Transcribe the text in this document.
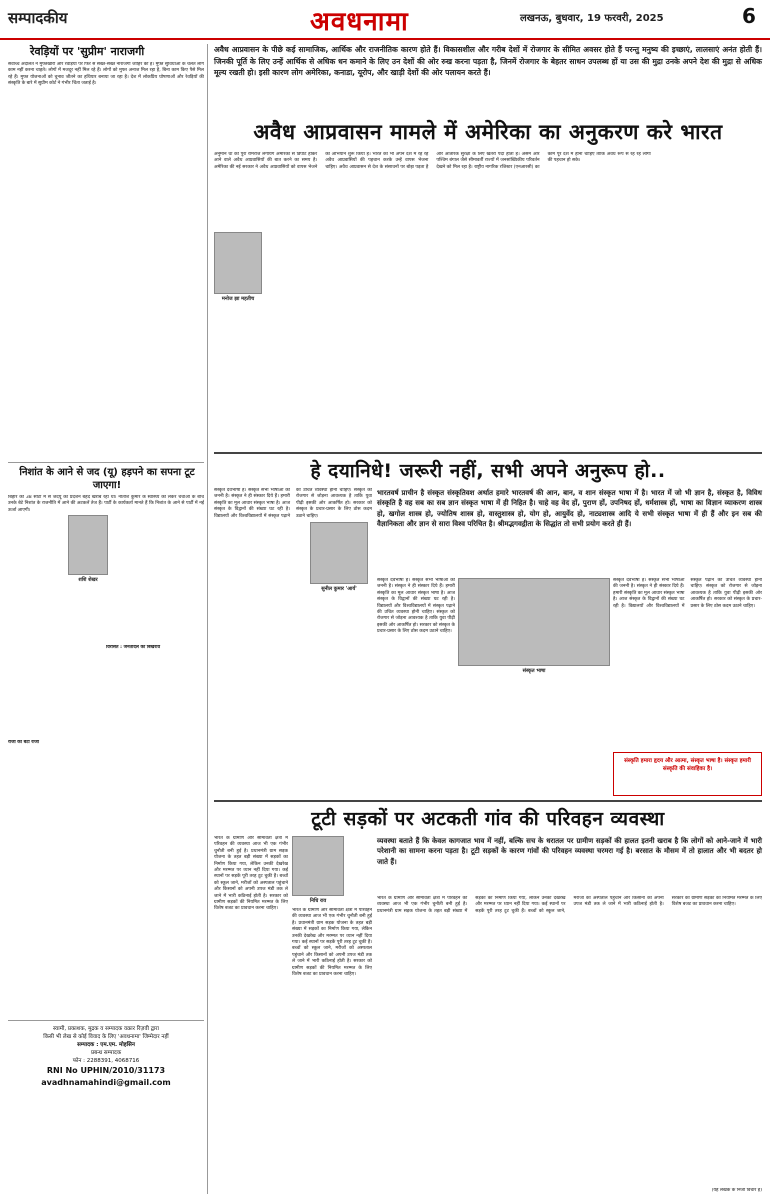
सम्पादकीय	अवधनामा	लखनऊ, बुधवार, 19 फरवरी, 2025	6
रेवड़ियों पर 'सुप्रीम' नाराजगी
सर्वोच्च अदालत ने मुफ्तखोरी और रेवड़ियों पर फिर से सख्त-सख्त नाराजगी जाहिर की है। मुफ्त सुविधाओं के चलते लोग काम नहीं करना चाहते। लोगों में मजदूर नहीं मिल रहे हैं। लोगों को मुफ्त अनाज मिल रहा है, बिना काम किए पैसे मिल रहे हैं। मुफ्त योजनाओं को चुनाव जीतने का हथियार बनाया जा रहा है। देश में लोकप्रिय घोषणाओं और रेवड़ियों की संस्कृति के बारे में सुप्रीम कोर्ट ने गंभीर चिंता जताई है।
निशांत के आने से जद (यू) हड़पने का सपना टूट जाएगा!
शशि शेखर
राजा का बेटा राजा
विरासत : जनतादल का बिखराव
बिहार की 38 सीटों में से जदयू का प्रदर्शन बेहद खराब रहा था। नीतीश कुमार के स्वास्थ्य को लेकर चर्चाओं के बीच उनके बेटे निशांत के राजनीति में आने की अटकलें तेज हैं। पार्टी के कार्यकर्ता मानते हैं कि निशांत के आने से पार्टी में नई ऊर्जा आएगी।
स्वामी, प्रकाशक, मुद्रक व सम्पादक वक़ार रिज़वी द्वारा
किसी भी लेख से कोई विवाद के लिए 'अवधनामा' जिम्मेदार नहीं
सम्पादक : एम.एम. मोहसिन
प्रबन्ध सम्पादक
फोन : 2288391, 4068716
RNI No UPHIN/2010/31173
avadhnamahindi@gmail.com
अवैध आप्रवासन के पीछे कई सामाजिक, आर्थिक और राजनीतिक कारण होते हैं। विकासशील और गरीब देशों में रोजगार के सीमित अवसर होते हैं परन्तु मनुष्य की इच्छाएं, लालसाएं अनंत होती हैं। जिनकी पूर्ति के लिए उन्हें आर्थिक से अधिक धन कमाने के लिए उन देशों की ओर रुख करना पड़ता है, जिनमें रोजगार के बेहतर साधन उपलब्ध हों या उस की मुद्रा उनके अपने देश की मुद्रा से अधिक मूल्य रखती हो। इसी कारण लोग अमेरिका, कनाडा, यूरोप, और खाड़ी देशों की ओर पलायन करते हैं।
अवैध आप्रवासन मामले में अमेरिका का अनुकरण करे भारत
मनोज झा महतीच
अनुमान था की पुरा रामराज लगायेंगे अमेरिका से डिपोर्ट होकर आने वाले अवैध आप्रवासियों की बात करने का समय है। अमेरिका की नई सरकार ने अवैध आप्रवासियों को वापस भेजने का अभियान शुरू किया है। भारत को भी अपने देश में रह रहे अवैध आप्रवासियों की पहचान करके उन्हें वापस भेजना चाहिए। अवैध आप्रवासन से देश के संसाधनों पर बोझ पड़ता है और आंतरिक सुरक्षा के लिए खतरा पैदा होता है। असम और पश्चिम बंगाल जैसे सीमावर्ती राज्यों में जनसांख्यिकीय परिवर्तन देखने को मिल रहा है। राष्ट्रीय नागरिक रजिस्टर (एनआरसी) का काम पूरे देश में होना चाहिए ताकि अवैध रूप से रह रहे लोगों की पहचान हो सके।
हे दयानिधे! जरूरी नहीं, सभी अपने अनुरूप हो..
भारतवर्ष प्राचीन है संस्कृत संस्कृतिवश अर्थात हमारे भारतवर्ष की आन, बान, व शान संस्कृत भाषा में है। भारत में जो भी ज्ञान है, संस्कृत है, विविध संस्कृति है वह सब का सब ज्ञान संस्कृत भाषा में ही निहित है। चाहे वह वेद हों, पुराण हों, उपनिषद हों, धर्मशास्त्र हों, भाषा का विज्ञान व्याकरण शास्त्र हो, खगोल शास्त्र हो, ज्योतिष शास्त्र हो, वास्तुशास्त्र हो, योग हो, आयुर्वेद हो, नाट्यशास्त्र आदि ये सभी संस्कृत भाषा में ही हैं और इन सब की वैज्ञानिकता और ज्ञान से सारा विश्व परिचित है। श्रीमद्भगवद्गीता के सिद्धांत तो सभी प्रयोग करते ही हैं।
सुनील कुमार 'आर्य'
संस्कृत देवभाषा है। संस्कृत सभी भाषाओं की जननी है। संस्कृत ने ही संस्कार दिये हैं। हमारी संस्कृति का मूल आधार संस्कृत भाषा है। आज संस्कृत के विद्वानों की संख्या घट रही है। विद्यालयों और विश्वविद्यालयों में संस्कृत पढ़ाने की उचित व्यवस्था होनी चाहिए। संस्कृत को रोजगार से जोड़ना आवश्यक है ताकि युवा पीढ़ी इसकी ओर आकर्षित हो। सरकार को संस्कृत के प्रचार-प्रसार के लिए ठोस कदम उठाने चाहिए।
संस्कृत भाषा
संस्कृत देवभाषा है। संस्कृत सभी भाषाओं की जननी है। संस्कृत ने ही संस्कार दिये हैं। हमारी संस्कृति का मूल आधार संस्कृत भाषा है। आज संस्कृत के विद्वानों की संख्या घट रही है। विद्यालयों और विश्वविद्यालयों में संस्कृत पढ़ाने की उचित व्यवस्था होनी चाहिए। संस्कृत को रोजगार से जोड़ना आवश्यक है ताकि युवा पीढ़ी इसकी ओर आकर्षित हो। सरकार को संस्कृत के प्रचार-प्रसार के लिए ठोस कदम उठाने चाहिए।
संस्कृत देवभाषा है। संस्कृत सभी भाषाओं की जननी है। संस्कृत ने ही संस्कार दिये हैं। हमारी संस्कृति का मूल आधार संस्कृत भाषा है। आज संस्कृत के विद्वानों की संख्या घट रही है। विद्यालयों और विश्वविद्यालयों में संस्कृत पढ़ाने की उचित व्यवस्था होनी चाहिए। संस्कृत को रोजगार से जोड़ना आवश्यक है ताकि युवा पीढ़ी इसकी ओर आकर्षित हो। सरकार को संस्कृत के प्रचार-प्रसार के लिए ठोस कदम उठाने चाहिए।
संस्कृति हमारा हृदय और आत्मा, संस्कृत भाषा है। संस्कृत हमारी संस्कृति की संवाहिका है।
टूटी सड़कों पर अटकती गांव की परिवहन व्यवस्था
निधि राव
व्यवस्था बताते हैं कि केवल कागजात भाव में नहीं, बल्कि सच के धरातल पर ग्रामीण सड़कों की हालत इतनी खराब है कि लोगों को आने-जाने में भारी परेशानी का सामना करना पड़ता है। टूटी सड़कों के कारण गांवों की परिवहन व्यवस्था चरमरा गई है। बरसात के मौसम में तो हालात और भी बदतर हो जाते हैं।
भारत के ग्रामीण और सीमावर्ती क्षेत्रों में परिवहन की व्यवस्था आज भी एक गंभीर चुनौती बनी हुई है। प्रधानमंत्री ग्राम सड़क योजना के तहत बड़ी संख्या में सड़कों का निर्माण किया गया, लेकिन उनकी देखरेख और मरम्मत पर ध्यान नहीं दिया गया। कई स्थानों पर सड़कें पूरी तरह टूट चुकी हैं। बच्चों को स्कूल जाने, मरीजों को अस्पताल पहुंचाने और किसानों को अपनी उपज मंडी तक ले जाने में भारी कठिनाई होती है। सरकार को ग्रामीण सड़कों की नियमित मरम्मत के लिए विशेष बजट का प्रावधान करना चाहिए।	भारत के ग्रामीण और सीमावर्ती क्षेत्रों में परिवहन की व्यवस्था आज भी एक गंभीर चुनौती बनी हुई है। प्रधानमंत्री ग्राम सड़क योजना के तहत बड़ी संख्या में सड़कों का निर्माण किया गया, लेकिन उनकी देखरेख और मरम्मत पर ध्यान नहीं दिया गया। कई स्थानों पर सड़कें पूरी तरह टूट चुकी हैं। बच्चों को स्कूल जाने, मरीजों को अस्पताल पहुंचाने और किसानों को अपनी उपज मंडी तक ले जाने में भारी कठिनाई होती है। सरकार को ग्रामीण सड़कों की नियमित मरम्मत के लिए विशेष बजट का प्रावधान करना चाहिए।
भारत के ग्रामीण और सीमावर्ती क्षेत्रों में परिवहन की व्यवस्था आज भी एक गंभीर चुनौती बनी हुई है। प्रधानमंत्री ग्राम सड़क योजना के तहत बड़ी संख्या में सड़कों का निर्माण किया गया, लेकिन उनकी देखरेख और मरम्मत पर ध्यान नहीं दिया गया। कई स्थानों पर सड़कें पूरी तरह टूट चुकी हैं। बच्चों को स्कूल जाने, मरीजों को अस्पताल पहुंचाने और किसानों को अपनी उपज मंडी तक ले जाने में भारी कठिनाई होती है। सरकार को ग्रामीण सड़कों की नियमित मरम्मत के लिए विशेष बजट का प्रावधान करना चाहिए।
(यह लेखक के निजी विचार हैं)
